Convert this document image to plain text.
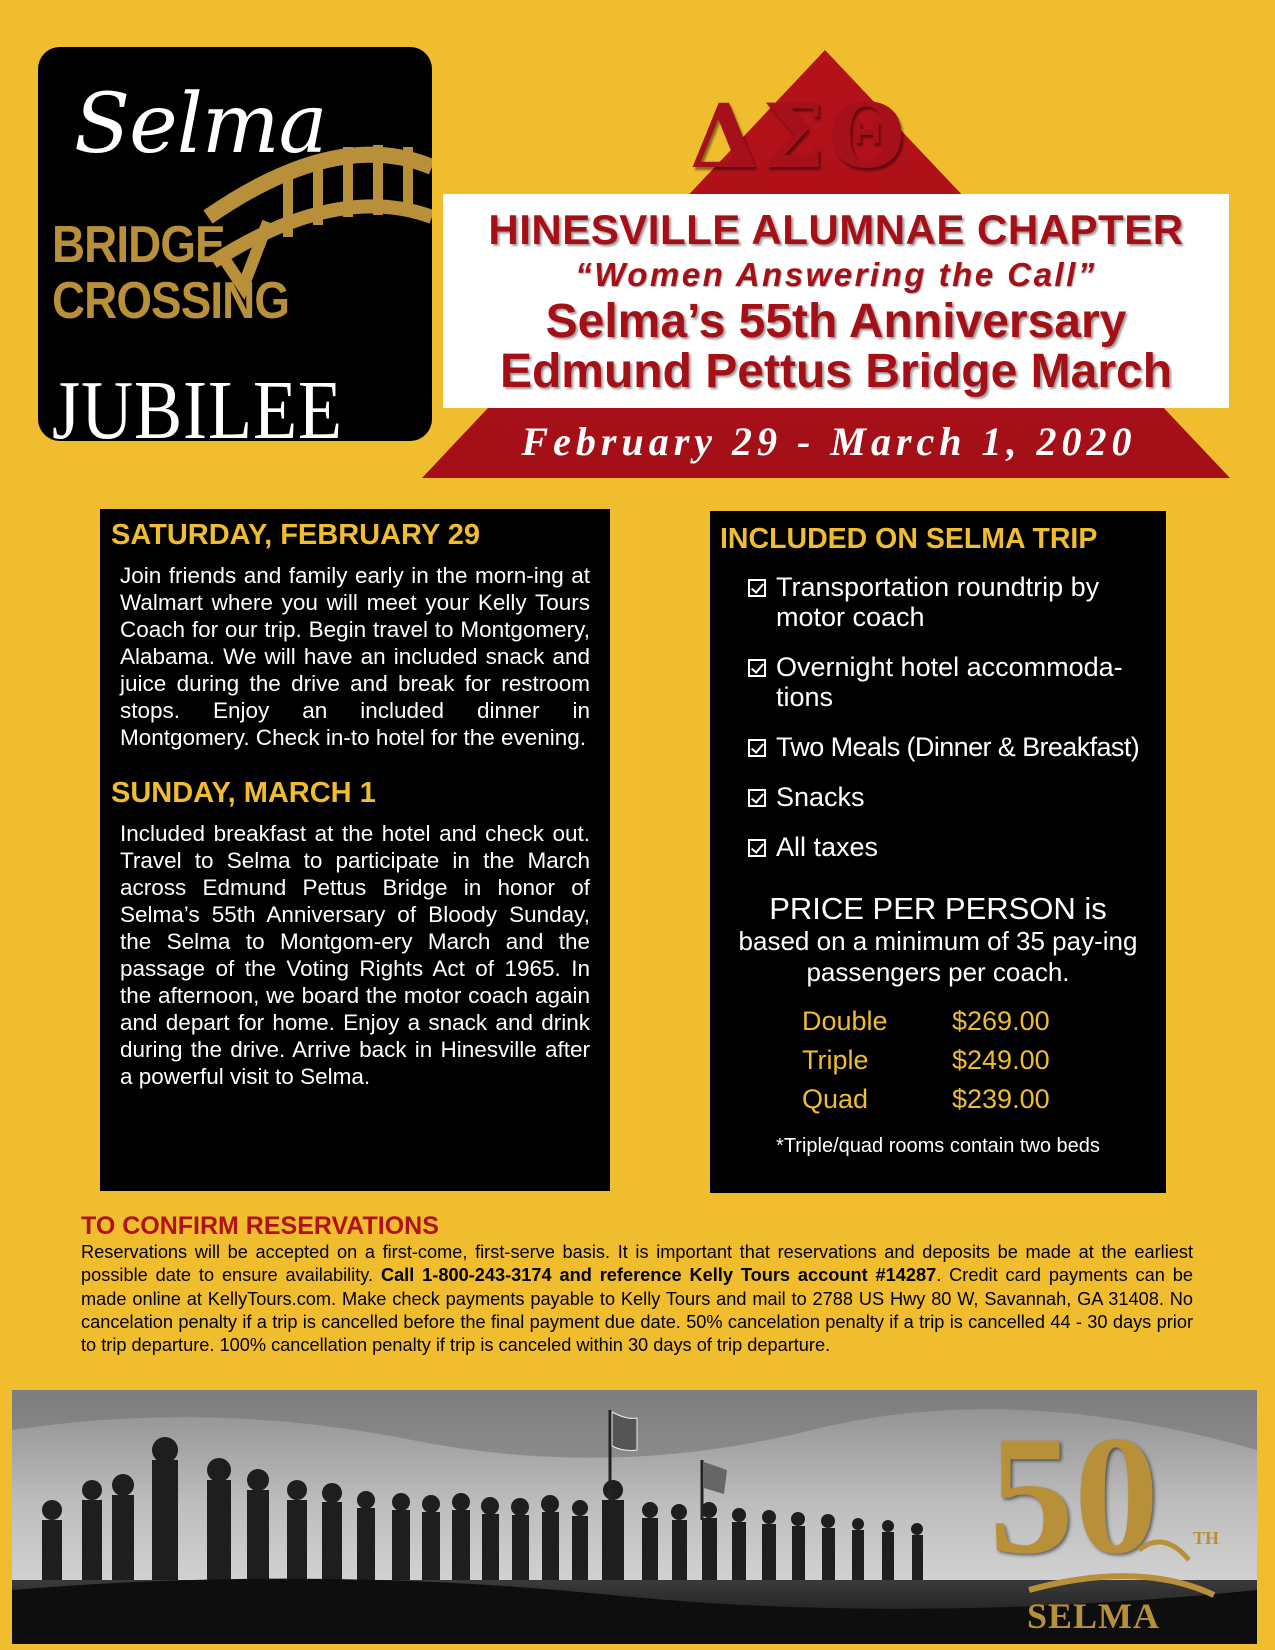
Selma
BRIDGE
CROSSING
JUBILEE
ΔΣΘ
HINESVILLE ALUMNAE CHAPTER
“Women Answering the Call”
Selma’s 55th Anniversary
Edmund Pettus Bridge March
February 29 - March 1, 2020
SATURDAY, FEBRUARY 29

Join friends and family early in the morn-ing at Walmart where you will meet your Kelly Tours Coach for our trip. Begin travel to Montgomery, Alabama. We will have an included snack and juice during the drive and break for restroom stops. Enjoy an included dinner in Montgomery. Check in-to hotel for the evening.

SUNDAY, MARCH 1

Included breakfast at the hotel and check out. Travel to Selma to participate in the March across Edmund Pettus Bridge in honor of Selma’s 55th Anniversary of Bloody Sunday, the Selma to Montgom-ery March and the passage of the Voting Rights Act of 1965. In the afternoon, we board the motor coach again and depart for home. Enjoy a snack and drink during the drive. Arrive back in Hinesville after a powerful visit to Selma.

INCLUDED ON SELMA TRIP
Transportation roundtrip by motor coach
Overnight hotel accommoda-tions
Two Meals (Dinner & Breakfast)
Snacks
All taxes
PRICE PER PERSON is
based on a minimum of 35 pay-ing passengers per coach.
Double	$269.00
Triple	$249.00
Quad	$239.00
*Triple/quad rooms contain two beds
TO CONFIRM RESERVATIONS

Reservations will be accepted on a first-come, first-serve basis. It is important that reservations and deposits be made at the earliest possible date to ensure availability. Call 1-800-243-3174 and reference Kelly Tours account #14287. Credit card payments can be made online at KellyTours.com. Make check payments payable to Kelly Tours and mail to 2788 US Hwy 80 W, Savannah, GA 31408. No cancelation penalty if a trip is cancelled before the final payment due date. 50% cancelation penalty if a trip is cancelled 44 - 30 days prior to trip departure. 100% cancellation penalty if trip is canceled within 30 days of trip departure.

50 TH
SELMA
